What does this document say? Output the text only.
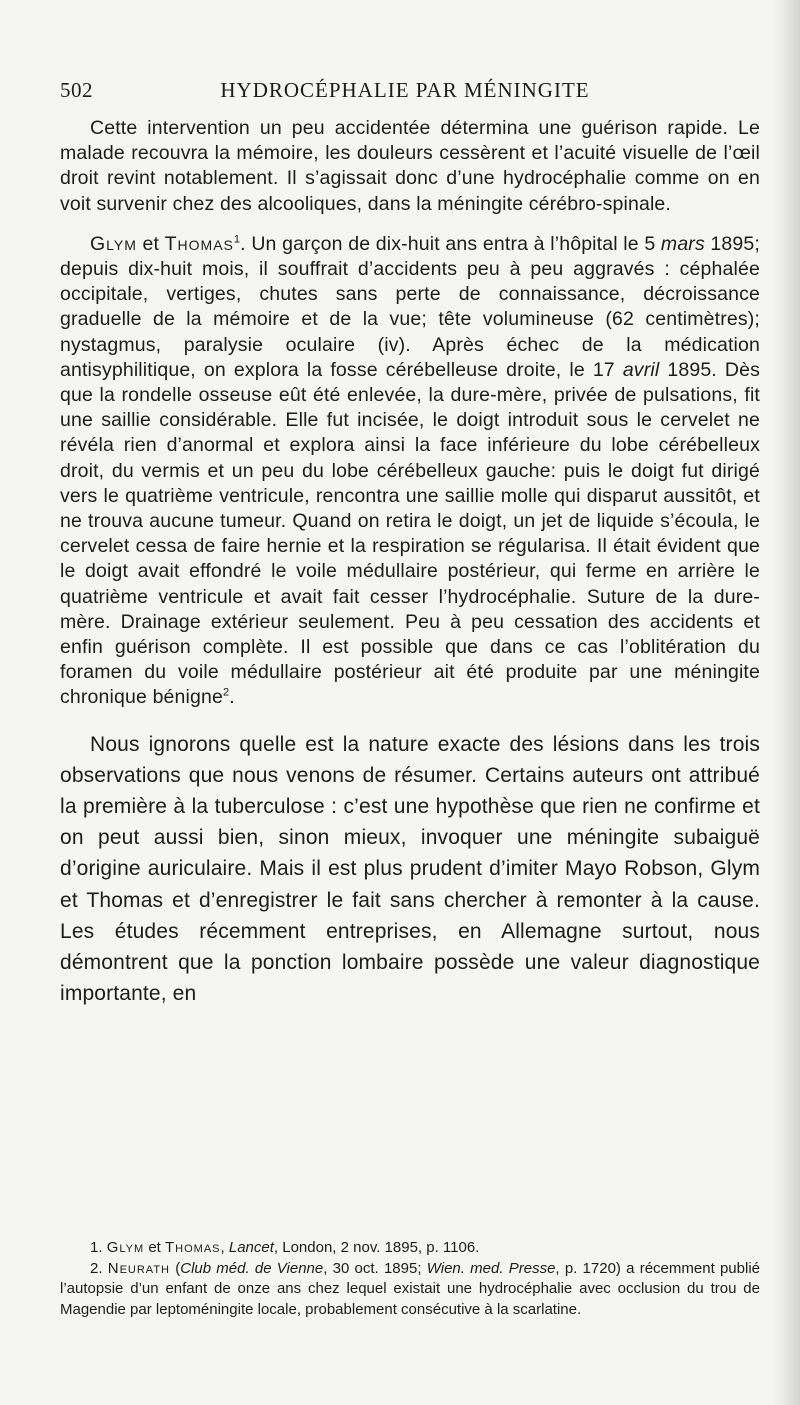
502	HYDROCÉPHALIE PAR MÉNINGITE

Cette intervention un peu accidentée détermina une guérison rapide. Le malade recouvra la mémoire, les douleurs cessèrent et l’acuité visuelle de l’œil droit revint notablement. Il s’agissait donc d’une hydrocéphalie comme on en voit survenir chez des alcooliques, dans la méningite cérébro-spinale.

Glym et Thomas$^1$. Un garçon de dix-huit ans entra à l’hôpital le 5 mars 1895; depuis dix-huit mois, il souffrait d’accidents peu à peu aggravés : céphalée occipitale, vertiges, chutes sans perte de connaissance, décroissance graduelle de la mémoire et de la vue; tête volumineuse (62 centimètres); nystagmus, paralysie oculaire (iv). Après échec de la médication antisyphilitique, on explora la fosse cérébelleuse droite, le 17 avril 1895. Dès que la rondelle osseuse eût été enlevée, la dure-mère, privée de pulsations, fit une saillie considérable. Elle fut incisée, le doigt introduit sous le cervelet ne révéla rien d’anormal et explora ainsi la face inférieure du lobe cérébelleux droit, du vermis et un peu du lobe cérébelleux gauche: puis le doigt fut dirigé vers le quatrième ventricule, rencontra une saillie molle qui disparut aussitôt, et ne trouva aucune tumeur. Quand on retira le doigt, un jet de liquide s’écoula, le cervelet cessa de faire hernie et la respiration se régularisa. Il était évident que le doigt avait effondré le voile médullaire postérieur, qui ferme en arrière le quatrième ventricule et avait fait cesser l’hydrocéphalie. Suture de la dure-mère. Drainage extérieur seulement. Peu à peu cessation des accidents et enfin guérison complète. Il est possible que dans ce cas l’oblitération du foramen du voile médullaire postérieur ait été produite par une méningite chronique bénigne$^2$.

Nous ignorons quelle est la nature exacte des lésions dans les trois observations que nous venons de résumer. Certains auteurs ont attribué la première à la tuberculose : c’est une hypothèse que rien ne confirme et on peut aussi bien, sinon mieux, invoquer une méningite subaiguë d’origine auriculaire. Mais il est plus prudent d’imiter Mayo Robson, Glym et Thomas et d’enregistrer le fait sans chercher à remonter à la cause. Les études récemment entreprises, en Allemagne surtout, nous démontrent que la ponction lombaire possède une valeur diagnostique importante, en

1. Glym et Thomas, Lancet, London, 2 nov. 1895, p. 1106.

2. Neurath (Club méd. de Vienne, 30 oct. 1895; Wien. med. Presse, p. 1720) a récemment publié l’autopsie d’un enfant de onze ans chez lequel existait une hydrocéphalie avec occlusion du trou de Magendie par leptoméningite locale, probablement consécutive à la scarlatine.
